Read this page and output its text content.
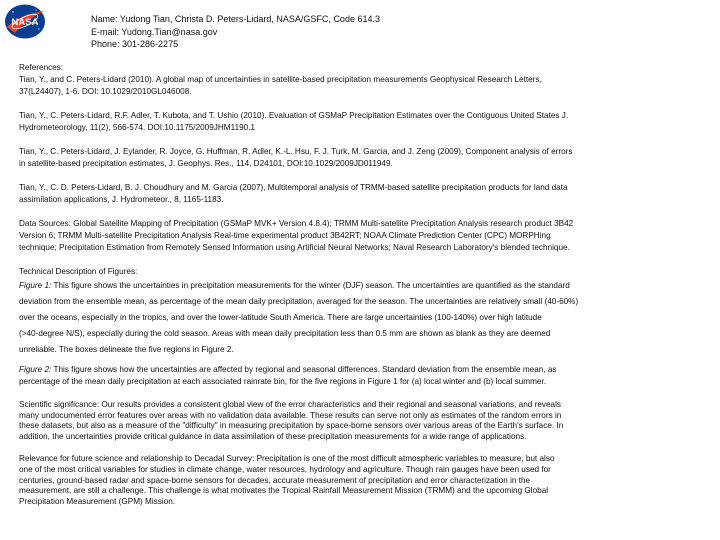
NASA	Name: Yudong Tian, Christa D. Peters-Lidard, NASA/GSFC, Code 614.3
E-mail: Yudong.Tian@nasa.gov
Phone: 301-286-2275
References:
Tian, Y., and C. Peters-Lidard (2010). A global map of uncertainties in satellite-based precipitation measurements Geophysical Research Letters,
37(L24407), 1-6. DOI: 10.1029/2010GL046008.
Tian, Y., C. Peters-Lidard, R.F. Adler, T. Kubota, and T. Ushio (2010). Evaluation of GSMaP Precipitation Estimates over the Contiguous United States J.
Hydrometeorology, 11(2), 566-574. DOI:10.1175/2009JHM1190.1
Tian, Y., C. Peters-Lidard, J. Eylander, R. Joyce, G. Huffman, R. Adler, K.-L. Hsu, F. J. Turk, M. Garcia, and J. Zeng (2009), Component analysis of errors
in satellite-based precipitation estimates, J. Geophys. Res., 114, D24101, DOI:10.1029/2009JD011949.
Tian, Y., C. D. Peters-Lidard, B. J. Choudhury and M. Garcia (2007), Multitemporal analysis of TRMM-based satellite precipitation products for land data
assimilation applications, J. Hydrometeor., 8, 1165-1183.
Data Sources: Global Satellite Mapping of Precipitation (GSMaP MVK+ Version 4.8.4); TRMM Multi-satellite Precipitation Analysis research product 3B42
Version 6; TRMM Multi-satellite Precipitation Analysis Real-time experimental product 3B42RT; NOAA Climate Prediction Center (CPC) MORPHing
technique; Precipitation Estimation from Remotely Sensed Information using Artificial Neural Networks; Naval Research Laboratory's blended technique.
Technical Description of Figures:
Figure 1: This figure shows the uncertainties in precipitation measurements for the winter (DJF) season. The uncertainties are quantified as the standard
deviation from the ensemble mean, as percentage of the mean daily precipitation, averaged for the season. The uncertainties are relatively small (40-60%)
over the oceans, especially in the tropics, and over the lower-latitude South America. There are large uncertainties (100-140%) over high latitude
(>40-degree N/S), especially during the cold season. Areas with mean daily precipitation less than 0.5 mm are shown as blank as they are deemed
unreliable. The boxes delineate the five regions in Figure 2.
Figure 2: This figure shows how the uncertainties are affected by regional and seasonal differences. Standard deviation from the ensemble mean, as
percentage of the mean daily precipitation at each associated rainrate bin, for the five regions in Figure 1 for (a) local winter and (b) local summer.
Scientific significance: Our results provides a consistent global view of the error characteristics and their regional and seasonal variations, and reveals
many undocumented error features over areas with no validation data available. These results can serve not only as estimates of the random errors in
these datasets, but also as a measure of the "difficulty" in measuring precipitation by space-borne sensors over various areas of the Earth's surface. In
addition, the uncertainties provide critical guidance in data assimilation of these precipitation measurements for a wide range of applications.
Relevance for future science and relationship to Decadal Survey: Precipitation is one of the most difficult atmospheric variables to measure, but also
one of the most critical variables for studies in climate change, water resources, hydrology and agriculture. Though rain gauges have been used for
centuries, ground-based radar and space-borne sensors for decades, accurate measurement of precipitation and error characterization in the
measurement, are still a challenge. This challenge is what motivates the Tropical Rainfall Measurement Mission (TRMM) and the upcoming Global
Precipitation Measurement (GPM) Mission.
